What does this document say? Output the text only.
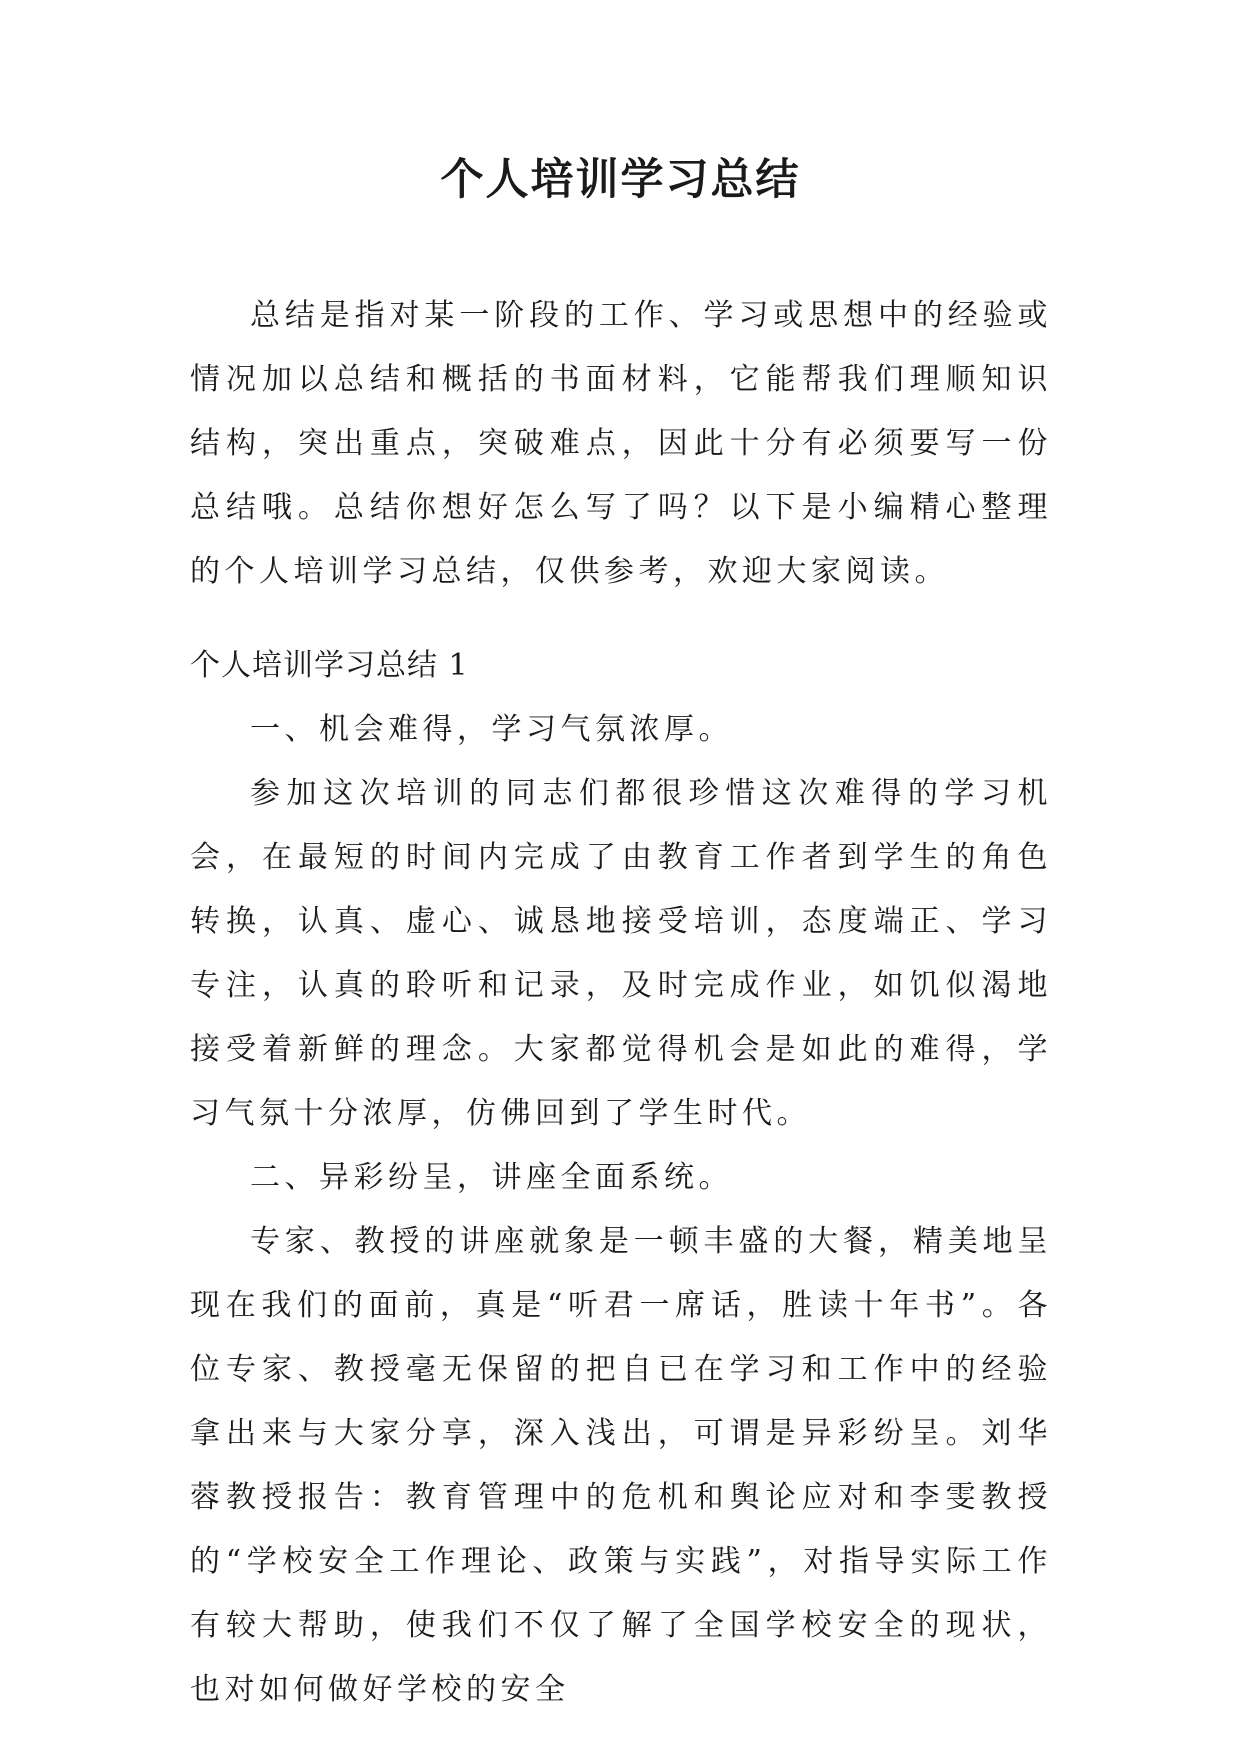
个人培训学习总结

总结是指对某一阶段的工作、学习或思想中的经验或情况加以总结和概括的书面材料，它能帮我们理顺知识结构，突出重点，突破难点，因此十分有必须要写一份总结哦。总结你想好怎么写了吗？以下是小编精心整理的个人培训学习总结，仅供参考，欢迎大家阅读。

个人培训学习总结 1

一、机会难得，学习气氛浓厚。

参加这次培训的同志们都很珍惜这次难得的学习机会，在最短的时间内完成了由教育工作者到学生的角色转换，认真、虚心、诚恳地接受培训，态度端正、学习专注，认真的聆听和记录，及时完成作业，如饥似渴地接受着新鲜的理念。大家都觉得机会是如此的难得，学习气氛十分浓厚，仿佛回到了学生时代。

二、异彩纷呈，讲座全面系统。

专家、教授的讲座就象是一顿丰盛的大餐，精美地呈现在我们的面前，真是“听君一席话，胜读十年书”。各位专家、教授毫无保留的把自已在学习和工作中的经验拿出来与大家分享，深入浅出，可谓是异彩纷呈。刘华蓉教授报告：教育管理中的危机和舆论应对和李雯教授的“学校安全工作理论、政策与实践”，对指导实际工作有较大帮助，使我们不仅了解了全国学校安全的现状，也对如何做好学校的安全
